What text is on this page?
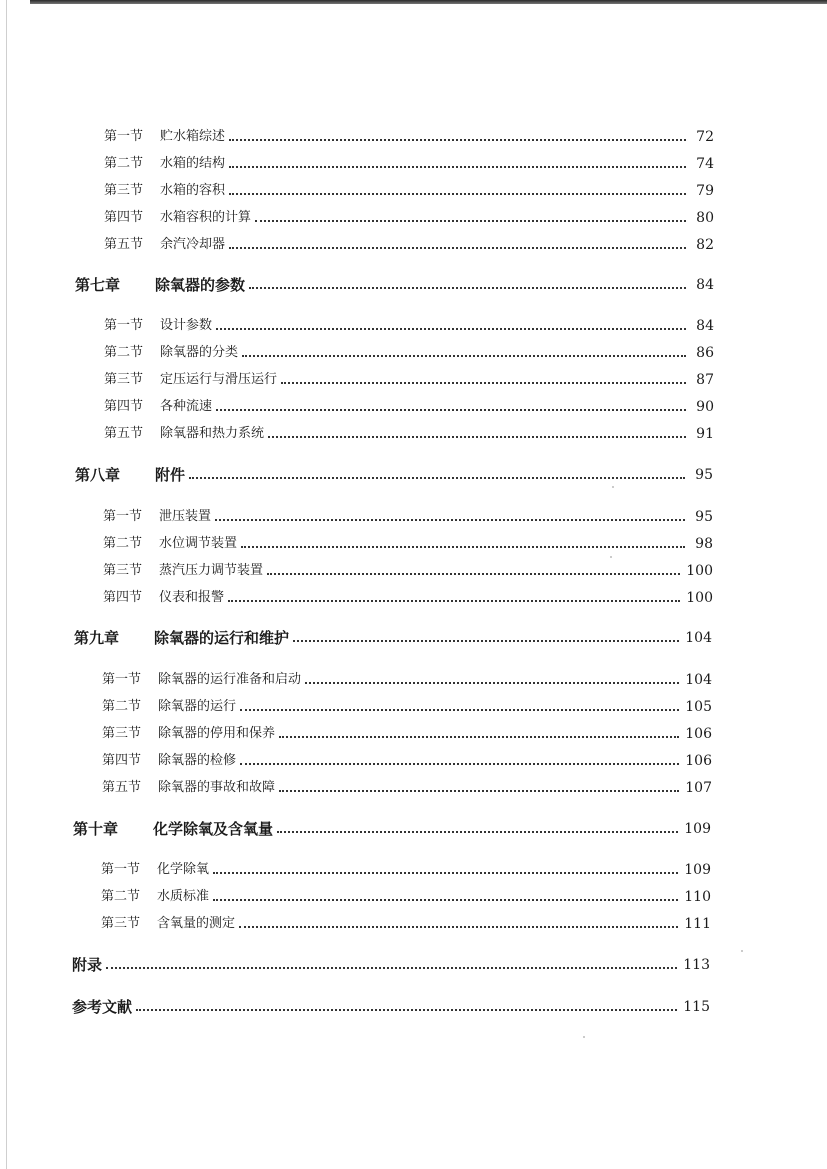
第一节 贮水箱综述	72
第二节 水箱的结构	74
第三节 水箱的容积	79
第四节 水箱容积的计算	80
第五节 余汽冷却器	82
第七章 除氧器的参数	84
第一节 设计参数	84
第二节 除氧器的分类	86
第三节 定压运行与滑压运行	87
第四节 各种流速	90
第五节 除氧器和热力系统	91
第八章 附件	95
第一节 泄压装置	95
第二节 水位调节装置	98
第三节 蒸汽压力调节装置	100
第四节 仪表和报警	100
第九章 除氧器的运行和维护	104
第一节 除氧器的运行准备和启动	104
第二节 除氧器的运行	105
第三节 除氧器的停用和保养	106
第四节 除氧器的检修	106
第五节 除氧器的事故和故障	107
第十章 化学除氧及含氧量	109
第一节 化学除氧	109
第二节 水质标准	110
第三节 含氧量的测定	111
附录	113
参考文献	115
